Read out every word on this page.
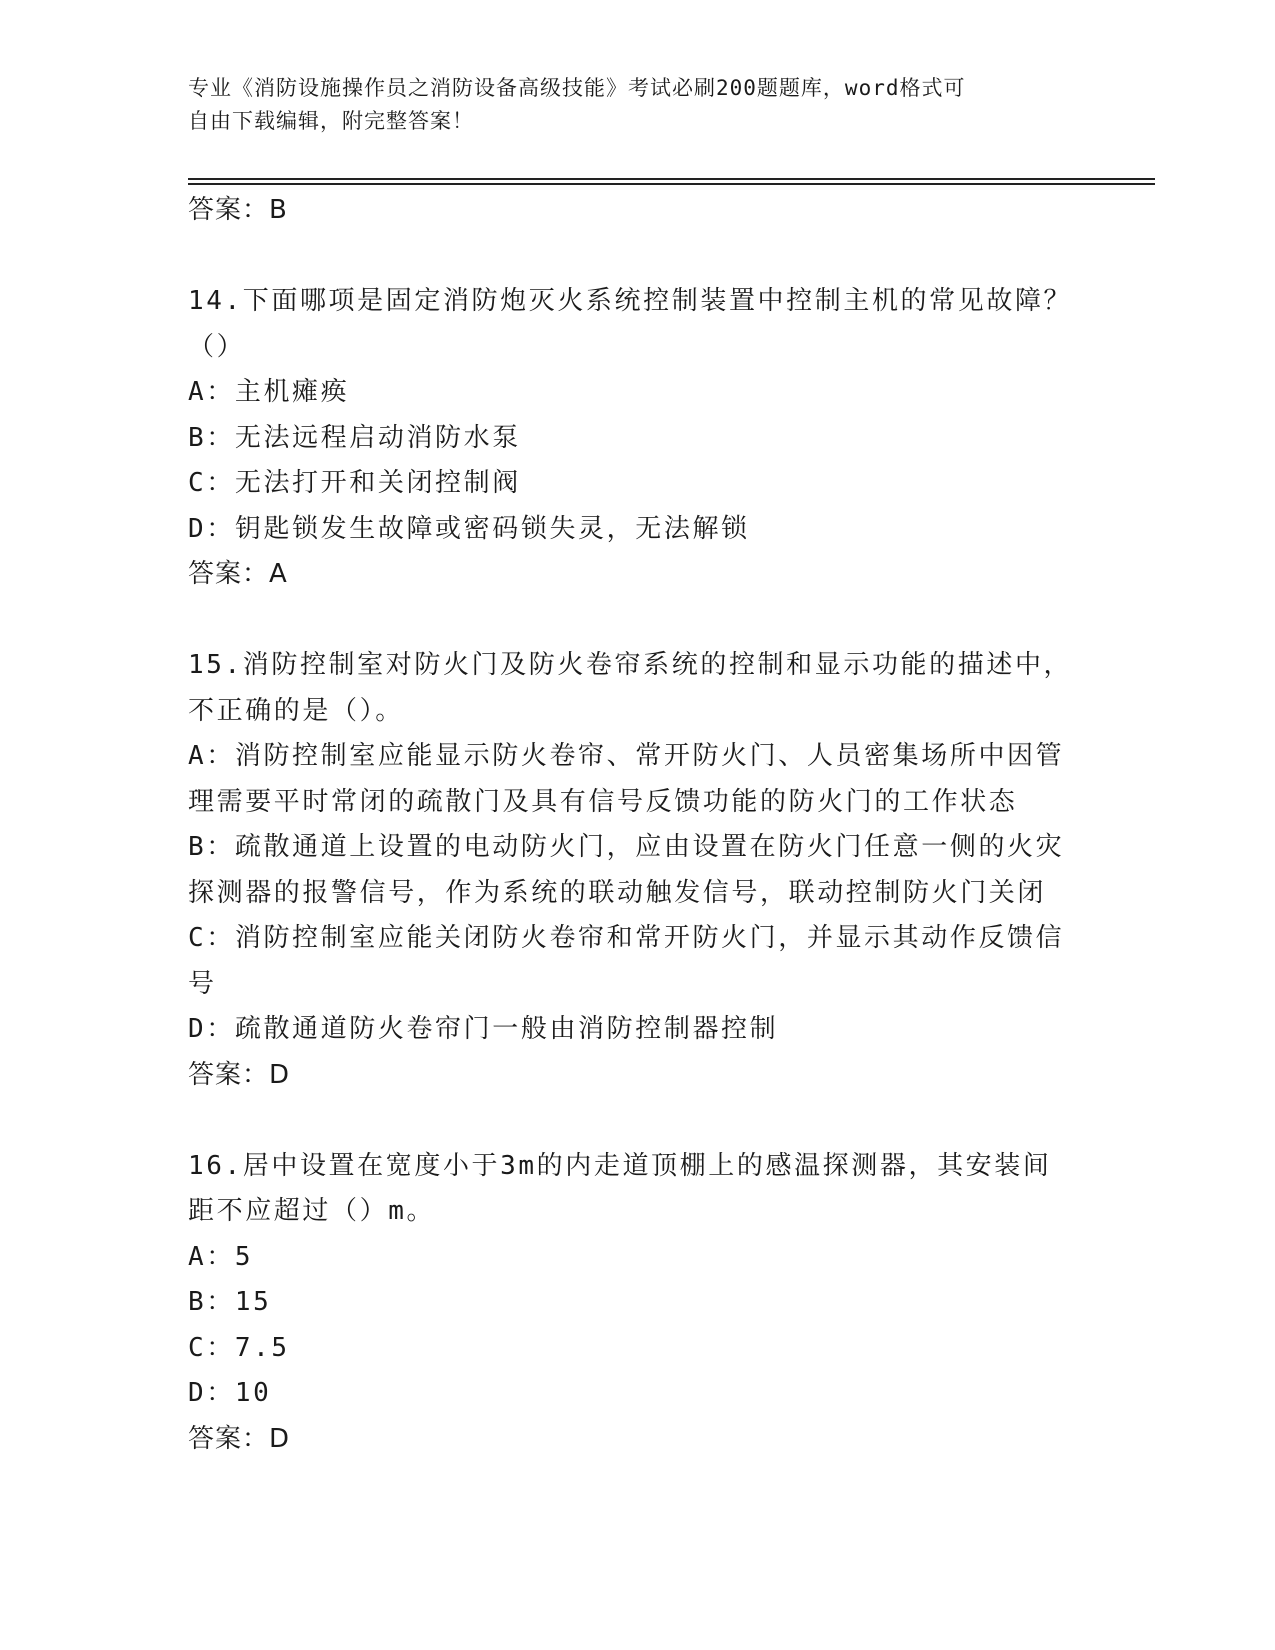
专业《消防设施操作员之消防设备高级技能》考试必刷200题题库，word格式可
自由下载编辑，附完整答案！
答案：B
14.下面哪项是固定消防炮灭火系统控制装置中控制主机的常见故障？
（）
A：主机瘫痪
B：无法远程启动消防水泵
C：无法打开和关闭控制阀
D：钥匙锁发生故障或密码锁失灵，无法解锁
答案：A
15.消防控制室对防火门及防火卷帘系统的控制和显示功能的描述中，
不正确的是（）。
A：消防控制室应能显示防火卷帘、常开防火门、人员密集场所中因管
理需要平时常闭的疏散门及具有信号反馈功能的防火门的工作状态
B：疏散通道上设置的电动防火门，应由设置在防火门任意一侧的火灾
探测器的报警信号，作为系统的联动触发信号，联动控制防火门关闭
C：消防控制室应能关闭防火卷帘和常开防火门，并显示其动作反馈信
号
D：疏散通道防火卷帘门一般由消防控制器控制
答案：D
16.居中设置在宽度小于3m的内走道顶棚上的感温探测器，其安装间
距不应超过（）m。
A：5
B：15
C：7.5
D：10
答案：D
